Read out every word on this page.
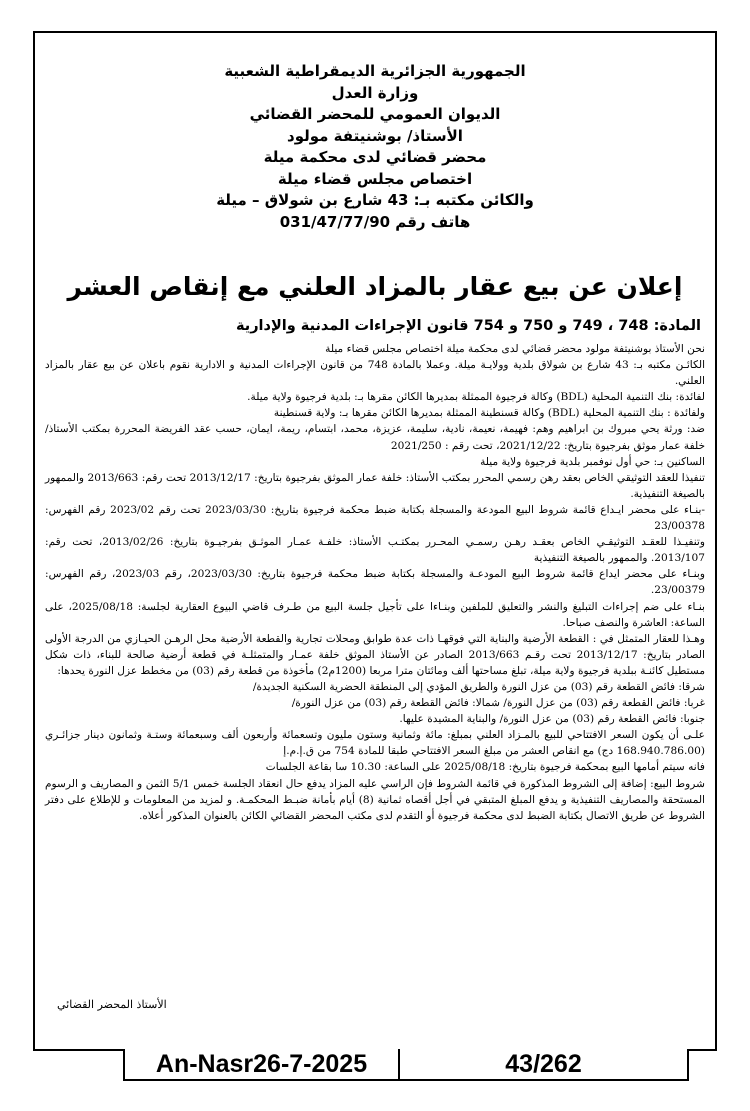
الجمهورية الجزائرية الديمقراطية الشعبية
وزارة العدل
الديوان العمومي للمحضر القضائي
الأستاذ/ بوشنيتفة مولود
محضر قضائي لدى محكمة ميلة
اختصاص مجلس قضاء ميلة
والكائن مكتبه بـ: 43 شارع بن شولاق – ميلة
هاتف رقم 031/47/77/90
إعلان عن بيع عقار بالمزاد العلني مع إنقاص العشر
المادة: 748 ، 749 و 750 و 754 قانون الإجراءات المدنية والإدارية

نحن الأستاذ بوشنيتفة مولود محضر قضائي لدى محكمة ميلة اختصاص مجلس قضاء ميلة

الكائـن مكتبه بـ: 43 شارع بن شولاق بلدية وولايـة ميلة. وعملا بالمادة 748 من قانون الإجراءات المدنية و الادارية نقوم باعلان عن بيع عقار بالمزاد العلني.

لفائدة: بنك التنمية المحلية (BDL) وكالة فرجيوة الممثلة بمديرها الكائن مقرها بـ: بلدية فرجيوة ولاية ميلة.

ولفائدة : بنك التنمية المحلية (BDL) وكالة قسنطينة الممثلة بمديرها الكائن مقرها بـ: ولاية قسنطينة

ضد: ورثة يحي مبروك بن ابراهيم وهم: فهيمة، نعيمة، نادية، سليمة، عزيزة، محمد، ابتسام، ريمة، ايمان، حسب عقد الفريضة المحررة بمكتب الأستاذ/ خلفة عمار موثق بفرجيوة بتاريخ: 2021/12/22، تحت رقم : 2021/250

الساكنين بـ: حي أول نوفمبر بلدية فرجيوة ولاية ميلة

تنفيذا للعقد التوثيقي الخاص بعقد رهن رسمي المحرر بمكتب الأستاذ: خلفة عمار الموثق بفرجيوة بتاريخ: 2013/12/17 تحت رقم: 2013/663 والممهور بالصيغة التنفيذية.

-بنـاء على محضر ايـداع قائمة شروط البيع المودعة والمسجلة بكتابة ضبط محكمة فرجيوة بتاريخ: 2023/03/30 تحت رقم 2023/02 رقم الفهرس: 23/00378

وتنفيـذا للعقـد التوثيقـي الخاص بعقـد رهـن رسمـي المحـرر بمكتـب الأستاذ: خلفـة عمـار الموثـق بفرجيـوة بتاريخ: 2013/02/26، تحت رقم: 2013/107. والممهور بالصيغة التنفيذية

وبنـاء على محضر ايداع قائمة شروط البيع المودعـة والمسجلة بكتابة ضبط محكمة فرجيوة بتاريخ: 2023/03/30، رقم 2023/03، رقم الفهرس: 23/00379.

بنـاء على ضم إجراءات التبليغ والنشر والتعليق للملفين وبنـاءا على تأجيل جلسة البيع من طـرف قاضي البيوع العقارية لجلسة: 2025/08/18، على الساعة: العاشرة والنصف صباحا.

وهـذا للعقار المتمثل في : القطعة الأرضية والبناية التي فوقهـا ذات عدة طوابق ومحلات تجارية والقطعة الأرضية محل الرهـن الحيـازي من الدرجة الأولى الصادر بتاريخ: 2013/12/17 تحت رقـم 2013/663 الصادر عن الأستاذ الموثق خلفة عمـار والمتمثلـة في قطعة أرضية صالحة للبناء، ذات شكل مستطيل كائنـة ببلدية فرجيوة ولاية ميلة، تبلغ مساحتها ألف ومائتان مترا مربعا (1200م2) مأخوذة من قطعة رقم (03) من مخطط عزل النورة يحدها:

شرقا: فائض القطعة رقم (03) من عزل النورة والطريق المؤدي إلى المنطقة الحضرية السكنية الجديدة/

غربا: فائض القطعة رقم (03) من عزل النورة/ شمالا: فائض القطعة رقم (03) من عزل النورة/

جنوبا: فائض القطعة رقم (03) من عزل النورة/ والبناية المشيدة عليها.

علـى أن يكون السعر الافتتاحي للبيع بالمـزاد العلني بمبلغ: مائة وثمانية وستون مليون وتسعمائة وأربعون ألف وسبعمائة وستـة وثمانون دينار جزائـري (168.940.786.00 دج) مع انقاص العشر من مبلغ السعر الافتتاحي طبقا للمادة 754 من ق.إ.م.إ

فانه سيتم أمامها البيع بمحكمة فرجيوة بتاريخ: 2025/08/18 على الساعة: 10.30 سا بقاعة الجلسات

شروط البيع: إضافة إلى الشروط المذكورة في قائمة الشروط فإن الراسي عليه المزاد يدفع حال انعقاد الجلسة خمس 5/1 الثمن و المصاريف و الرسوم المستحقة والمصاريف التنفيذية و يدفع المبلغ المتبقي في أجل أقصاه ثمانية (8) أيام بأمانة ضبـط المحكمـة. و لمزيد من المعلومات و للإطلاع على دفتر الشروط عن طريق الاتصال بكتابة الضبط لدى محكمة فرجيوة أو التقدم لدى مكتب المحضر القضائي الكائن بالعنوان المذكور أعلاه.

الأستاذ المحضر القضائي
An-Nasr26-7-2025	43/262
